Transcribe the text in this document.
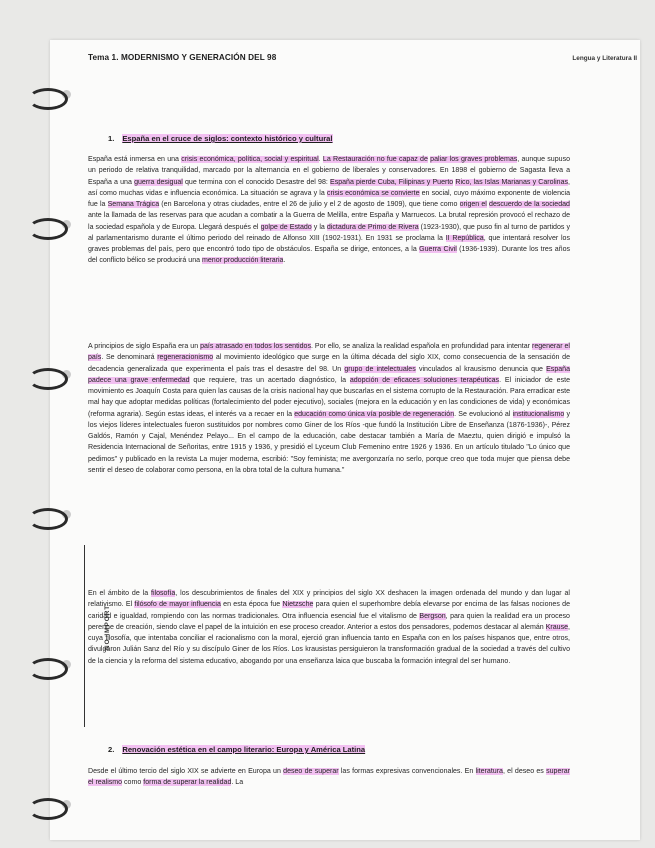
Tema 1. MODERNISMO Y GENERACIÓN DEL 98	Lengua y Literatura II
1. España en el cruce de siglos: contexto histórico y cultural

España está inmersa en una crisis económica, política, social y espiritual. La Restauración no fue capaz de paliar los graves problemas, aunque supuso un periodo de relativa tranquilidad, marcado por la alternancia en el gobierno de liberales y conservadores. En 1898 el gobierno de Sagasta lleva a España a una guerra desigual que termina con el conocido Desastre del 98: España pierde Cuba, Filipinas y Puerto Rico, las Islas Marianas y Carolinas, así como muchas vidas e influencia económica. La situación se agrava y la crisis económica se convierte en social, cuyo máximo exponente de violencia fue la Semana Trágica (en Barcelona y otras ciudades, entre el 26 de julio y el 2 de agosto de 1909), que tiene como origen el descuerdo de la sociedad ante la llamada de las reservas para que acudan a combatir a la Guerra de Melilla, entre España y Marruecos. La brutal represión provocó el rechazo de la sociedad española y de Europa. Llegará después el golpe de Estado y la dictadura de Primo de Rivera (1923-1930), que puso fin al turno de partidos y al parlamentarismo durante el último periodo del reinado de Alfonso XIII (1902-1931). En 1931 se proclama la II República, que intentará resolver los graves problemas del país, pero que encontró todo tipo de obstáculos. España se dirige, entonces, a la Guerra Civil (1936-1939). Durante los tres años del conflicto bélico se producirá una menor producción literaria.

A principios de siglo España era un país atrasado en todos los sentidos. Por ello, se analiza la realidad española en profundidad para intentar regenerar el país. Se denominará regeneracionismo al movimiento ideológico que surge en la última década del siglo XIX, como consecuencia de la sensación de decadencia generalizada que experimenta el país tras el desastre del 98. Un grupo de intelectuales vinculados al krausismo denuncia que España padece una grave enfermedad que requiere, tras un acertado diagnóstico, la adopción de eficaces soluciones terapéuticas. El iniciador de este movimiento es Joaquín Costa para quien las causas de la crisis nacional hay que buscarlas en el sistema corrupto de la Restauración. Para erradicar este mal hay que adoptar medidas políticas (fortalecimiento del poder ejecutivo), sociales (mejora en la educación y en las condiciones de vida) y económicas (reforma agraria). Según estas ideas, el interés va a recaer en la educación como única vía posible de regeneración. Se evolucionó al institucionalismo y los viejos líderes intelectuales fueron sustituidos por nombres como Giner de los Ríos -que fundó la Institución Libre de Enseñanza (1876-1936)-, Pérez Galdós, Ramón y Cajal, Menéndez Pelayo... En el campo de la educación, cabe destacar también a María de Maeztu, quien dirigió e impulsó la Residencia Internacional de Señoritas, entre 1915 y 1936, y presidió el Lyceum Club Femenino entre 1926 y 1936. En un artículo titulado "Lo único que pedimos" y publicado en la revista La mujer moderna, escribió: "Soy feminista; me avergonzaría no serlo, porque creo que toda mujer que piensa debe sentir el deseo de colaborar como persona, en la obra total de la cultura humana."

NO IMPORT

En el ámbito de la filosofía, los descubrimientos de finales del XIX y principios del siglo XX deshacen la imagen ordenada del mundo y dan lugar al relativismo. El filósofo de mayor influencia en esta época fue Nietzsche para quien el superhombre debía elevarse por encima de las falsas nociones de caridad e igualdad, rompiendo con las normas tradicionales. Otra influencia esencial fue el vitalismo de Bergson, para quien la realidad era un proceso perenne de creación, siendo clave el papel de la intuición en ese proceso creador. Anterior a estos dos pensadores, podemos destacar al alemán Krause, cuya filosofía, que intentaba conciliar el racionalismo con la moral, ejerció gran influencia tanto en España con en los países hispanos que, entre otros, divulgaron Julián Sanz del Río y su discípulo Giner de los Ríos. Los krausistas persiguieron la transformación gradual de la sociedad a través del cultivo de la ciencia y la reforma del sistema educativo, abogando por una enseñanza laica que buscaba la formación integral del ser humano.

2. Renovación estética en el campo literario: Europa y América Latina

Desde el último tercio del siglo XIX se advierte en Europa un deseo de superar las formas expresivas convencionales. En literatura, el deseo es superar el realismo como forma de superar la realidad. La
